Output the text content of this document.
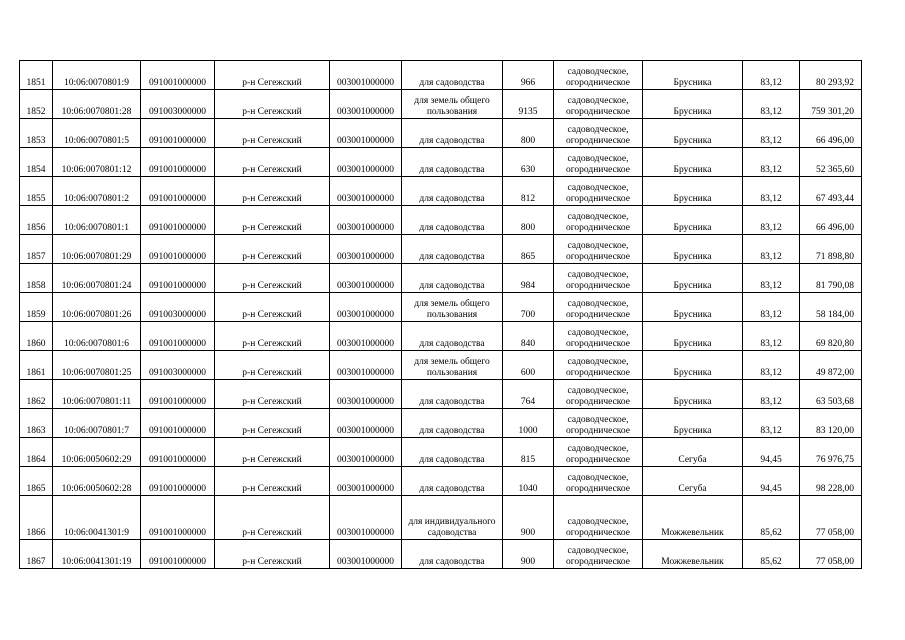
1851	10:06:0070801:9	091001000000	р-н Сегежский	003001000000	для садоводства	966	садоводческое, огородническое	Брусника	83,12	80 293,92
1852	10:06:0070801:28	091003000000	р-н Сегежский	003001000000	для земель общего пользования	9135	садоводческое, огородническое	Брусника	83,12	759 301,20
1853	10:06:0070801:5	091001000000	р-н Сегежский	003001000000	для садоводства	800	садоводческое, огородническое	Брусника	83,12	66 496,00
1854	10:06:0070801:12	091001000000	р-н Сегежский	003001000000	для садоводства	630	садоводческое, огородническое	Брусника	83,12	52 365,60
1855	10:06:0070801:2	091001000000	р-н Сегежский	003001000000	для садоводства	812	садоводческое, огородническое	Брусника	83,12	67 493,44
1856	10:06:0070801:1	091001000000	р-н Сегежский	003001000000	для садоводства	800	садоводческое, огородническое	Брусника	83,12	66 496,00
1857	10:06:0070801:29	091001000000	р-н Сегежский	003001000000	для садоводства	865	садоводческое, огородническое	Брусника	83,12	71 898,80
1858	10:06:0070801:24	091001000000	р-н Сегежский	003001000000	для садоводства	984	садоводческое, огородническое	Брусника	83,12	81 790,08
1859	10:06:0070801:26	091003000000	р-н Сегежский	003001000000	для земель общего пользования	700	садоводческое, огородническое	Брусника	83,12	58 184,00
1860	10:06:0070801:6	091001000000	р-н Сегежский	003001000000	для садоводства	840	садоводческое, огородническое	Брусника	83,12	69 820,80
1861	10:06:0070801:25	091003000000	р-н Сегежский	003001000000	для земель общего пользования	600	садоводческое, огородническое	Брусника	83,12	49 872,00
1862	10:06:0070801:11	091001000000	р-н Сегежский	003001000000	для садоводства	764	садоводческое, огородническое	Брусника	83,12	63 503,68
1863	10:06:0070801:7	091001000000	р-н Сегежский	003001000000	для садоводства	1000	садоводческое, огородническое	Брусника	83,12	83 120,00
1864	10:06:0050602:29	091001000000	р-н Сегежский	003001000000	для садоводства	815	садоводческое, огородническое	Сегуба	94,45	76 976,75
1865	10:06:0050602:28	091001000000	р-н Сегежский	003001000000	для садоводства	1040	садоводческое, огородническое	Сегуба	94,45	98 228,00
1866	10:06:0041301:9	091001000000	р-н Сегежский	003001000000	для индивидуального садоводства	900	садоводческое, огородническое	Можжевельник	85,62	77 058,00
1867	10:06:0041301:19	091001000000	р-н Сегежский	003001000000	для садоводства	900	садоводческое, огородническое	Можжевельник	85,62	77 058,00
